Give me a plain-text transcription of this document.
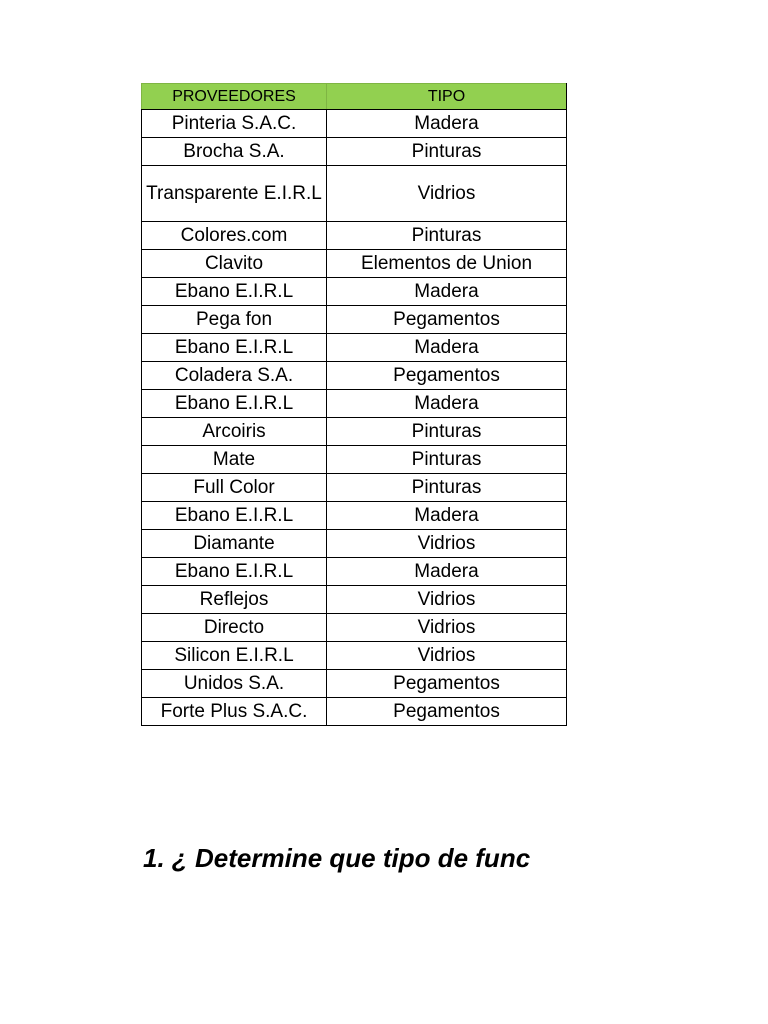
PROVEEDORES	TIPO
Pinteria S.A.C.	Madera
Brocha S.A.	Pinturas
Transparente E.I.R.L	Vidrios
Colores.com	Pinturas
Clavito	Elementos de Union
Ebano E.I.R.L	Madera
Pega fon	Pegamentos
Ebano E.I.R.L	Madera
Coladera S.A.	Pegamentos
Ebano E.I.R.L	Madera
Arcoiris	Pinturas
Mate	Pinturas
Full Color	Pinturas
Ebano E.I.R.L	Madera
Diamante	Vidrios
Ebano E.I.R.L	Madera
Reflejos	Vidrios
Directo	Vidrios
Silicon E.I.R.L	Vidrios
Unidos S.A.	Pegamentos
Forte Plus S.A.C.	Pegamentos
1. ¿ Determine que tipo de func
